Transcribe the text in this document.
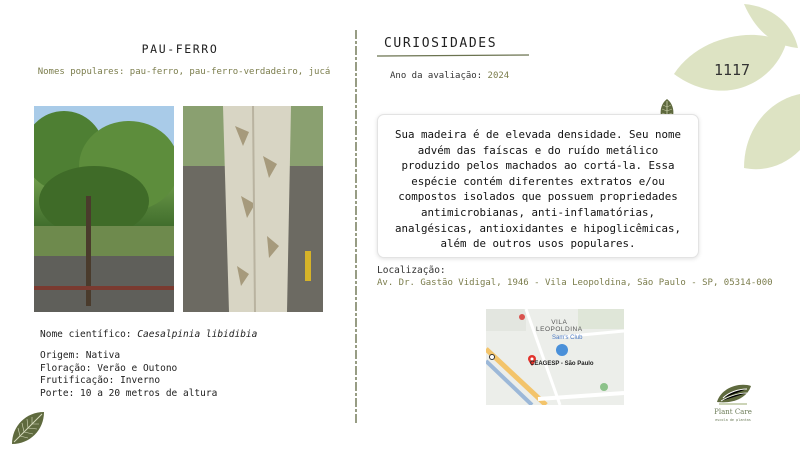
PAU-FERRO
Nomes populares: pau-ferro, pau-ferro-verdadeiro, jucá
Nome científico: Caesalpinia libidibia
Origem: Nativa
Floração: Verão e Outono
Frutificação: Inverno
Porte: 10 a 20 metros de altura
CURIOSIDADES
Ano da avaliação: 2024	1117
Sua madeira é de elevada densidade. Seu nome advém das faíscas e do ruído metálico produzido pelos machados ao cortá-la. Essa espécie contém diferentes extratos e/ou compostos isolados que possuem propriedades antimicrobianas, anti-inflamatórias, analgésicas, antioxidantes e hipoglicêmicas, além de outros usos populares.
Localização:
Av. Dr. Gastão Vidigal, 1946 - Vila Leopoldina, São Paulo - SP, 05314-000
VILA
LEOPOLDINA
Sam's Club
CEAGESP - São Paulo
Plant Care
escola de plantas
